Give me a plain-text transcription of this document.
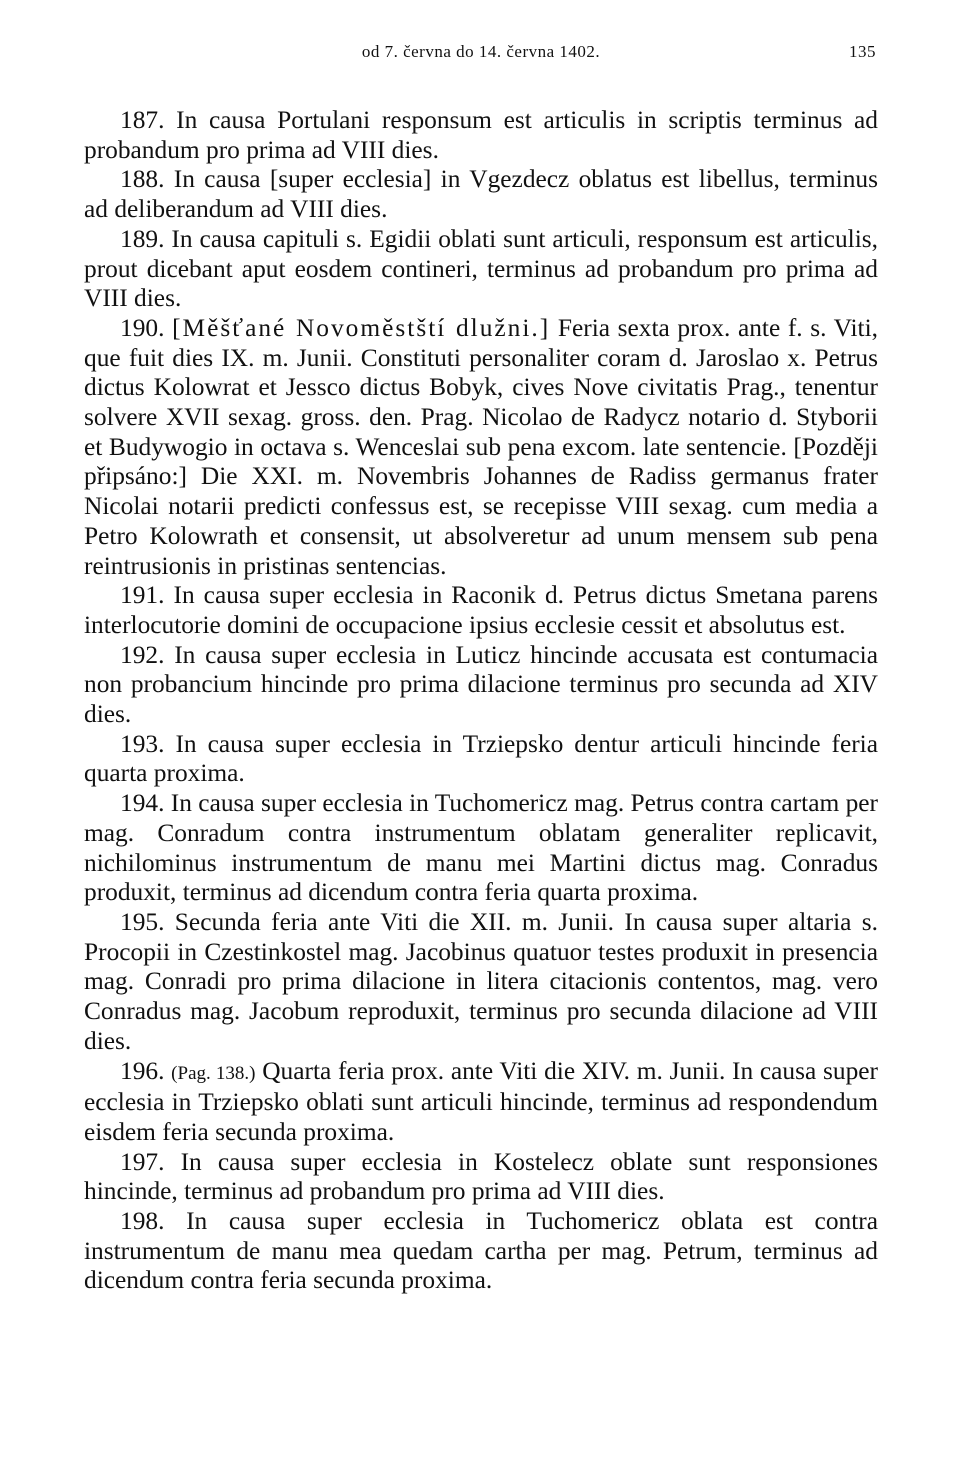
od 7. června do 14. června 1402.	135

187. In causa Portulani responsum est articulis in scriptis terminus ad probandum pro prima ad VIII dies.

188. In causa [super ecclesia] in Vgezdecz oblatus est libellus, terminus ad deliberandum ad VIII dies.

189. In causa capituli s. Egidii oblati sunt articuli, responsum est articulis, prout dicebant aput eosdem contineri, terminus ad probandum pro prima ad VIII dies.

190. [Měšťané Novoměstští dlužni.] Feria sexta prox. ante f. s. Viti, que fuit dies IX. m. Junii. Constituti personaliter coram d. Jaroslao x. Petrus dictus Kolowrat et Jessco dictus Bobyk, cives Nove civitatis Prag., tenentur solvere XVII sexag. gross. den. Prag. Nicolao de Radycz notario d. Styborii et Budywogio in octava s. Wenceslai sub pena excom. late sentencie. [Později připsáno:] Die XXI. m. Novembris Johannes de Radiss germanus frater Nicolai notarii predicti confessus est, se recepisse VIII sexag. cum media a Petro Kolowrath et consensit, ut absolveretur ad unum mensem sub pena reintrusionis in pristinas sentencias.

191. In causa super ecclesia in Raconik d. Petrus dictus Smetana parens interlocutorie domini de occupacione ipsius ecclesie cessit et absolutus est.

192. In causa super ecclesia in Luticz hincinde accusata est contumacia non probancium hincinde pro prima dilacione terminus pro secunda ad XIV dies.

193. In causa super ecclesia in Trziepsko dentur articuli hincinde feria quarta proxima.

194. In causa super ecclesia in Tuchomericz mag. Petrus contra cartam per mag. Conradum contra instrumentum oblatam generaliter replicavit, nichilominus instrumentum de manu mei Martini dictus mag. Conradus produxit, terminus ad dicendum contra feria quarta proxima.

195. Secunda feria ante Viti die XII. m. Junii. In causa super altaria s. Procopii in Czestinkostel mag. Jacobinus quatuor testes produxit in presencia mag. Conradi pro prima dilacione in litera citacionis contentos, mag. vero Conradus mag. Jacobum reproduxit, terminus pro secunda dilacione ad VIII dies.

196. (Pag. 138.) Quarta feria prox. ante Viti die XIV. m. Junii. In causa super ecclesia in Trziepsko oblati sunt articuli hincinde, terminus ad respondendum eisdem feria secunda proxima.

197. In causa super ecclesia in Kostelecz oblate sunt responsiones hincinde, terminus ad probandum pro prima ad VIII dies.

198. In causa super ecclesia in Tuchomericz oblata est contra instrumentum de manu mea quedam cartha per mag. Petrum, terminus ad dicendum contra feria secunda proxima.
